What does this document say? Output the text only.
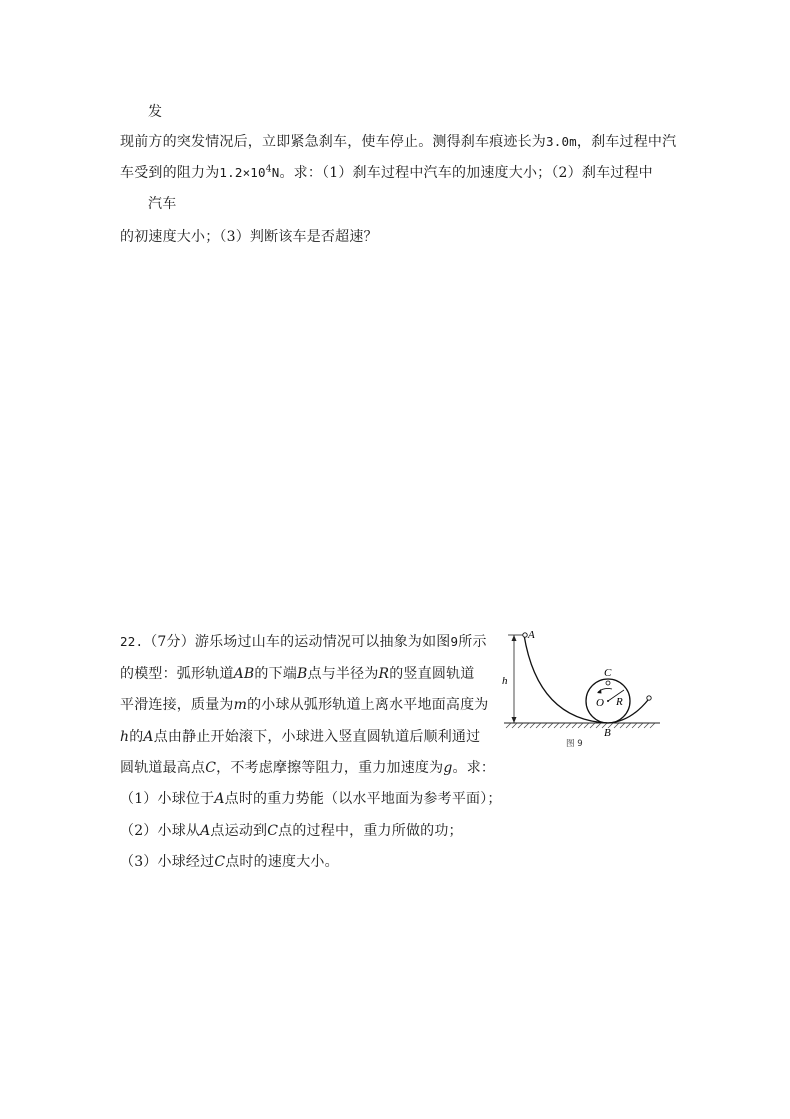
发
现前方的突发情况后，立即紧急刹车，使车停止。测得刹车痕迹长为3.0m，刹车过程中汽
车受到的阻力为$1.2\times 10^4N$。求：（1）刹车过程中汽车的加速度大小；（2）刹车过程中
汽车
的初速度大小；（3）判断该车是否超速？
22.（7分）游乐场过山车的运动情况可以抽象为如图9所示
的模型：弧形轨道AB的下端B点与半径为R的竖直圆轨道
平滑连接，质量为m的小球从弧形轨道上离水平地面高度为
h的A点由静止开始滚下，小球进入竖直圆轨道后顺利通过
圆轨道最高点C，不考虑摩擦等阻力，重力加速度为g。求：
（1）小球位于A点时的重力势能（以水平地面为参考平面）；
（2）小球从A点运动到C点的过程中，重力所做的功；
（3）小球经过C点时的速度大小。
A
h
C
O R
B
图 9
